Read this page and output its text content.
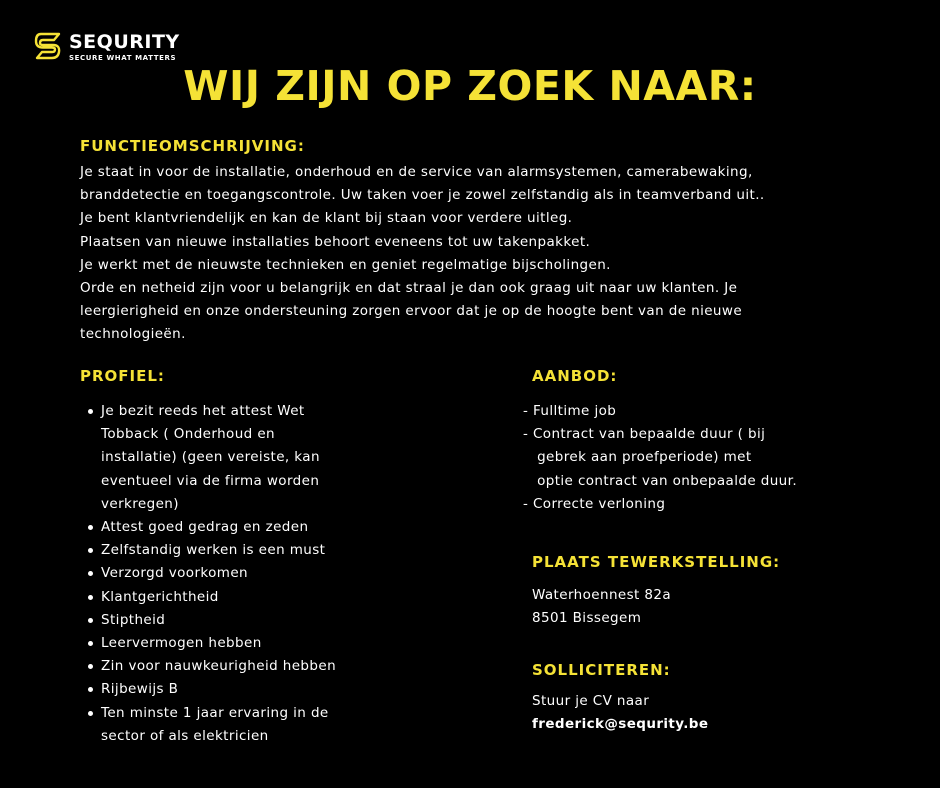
SEQURITY
SECURE WHAT MATTERS
WIJ ZIJN OP ZOEK NAAR:
FUNCTIEOMSCHRIJVING:
Je staat in voor de installatie, onderhoud en de service van alarmsystemen, camerabewaking,
branddetectie en toegangscontrole. Uw taken voer je zowel zelfstandig als in teamverband uit..
Je bent klantvriendelijk en kan de klant bij staan voor verdere uitleg.
Plaatsen van nieuwe installaties behoort eveneens tot uw takenpakket.
Je werkt met de nieuwste technieken en geniet regelmatige bijscholingen.
Orde en netheid zijn voor u belangrijk en dat straal je dan ook graag uit naar uw klanten. Je
leergierigheid en onze ondersteuning zorgen ervoor dat je op de hoogte bent van de nieuwe
technologieën.
PROFIEL:
Je bezit reeds het attest Wet
Tobback ( Onderhoud en
installatie) (geen vereiste, kan
eventueel via de firma worden
verkregen)
Attest goed gedrag en zeden
Zelfstandig werken is een must
Verzorgd voorkomen
Klantgerichtheid
Stiptheid
Leervermogen hebben
Zin voor nauwkeurigheid hebben
Rijbewijs B
Ten minste 1 jaar ervaring in de
sector of als elektricien
AANBOD:
- Fulltime job
- Contract van bepaalde duur ( bij
gebrek aan proefperiode) met
optie contract van onbepaalde duur.
- Correcte verloning
PLAATS TEWERKSTELLING:
Waterhoennest 82a
8501 Bissegem
SOLLICITEREN:
Stuur je CV naar
frederick@sequrity.be
